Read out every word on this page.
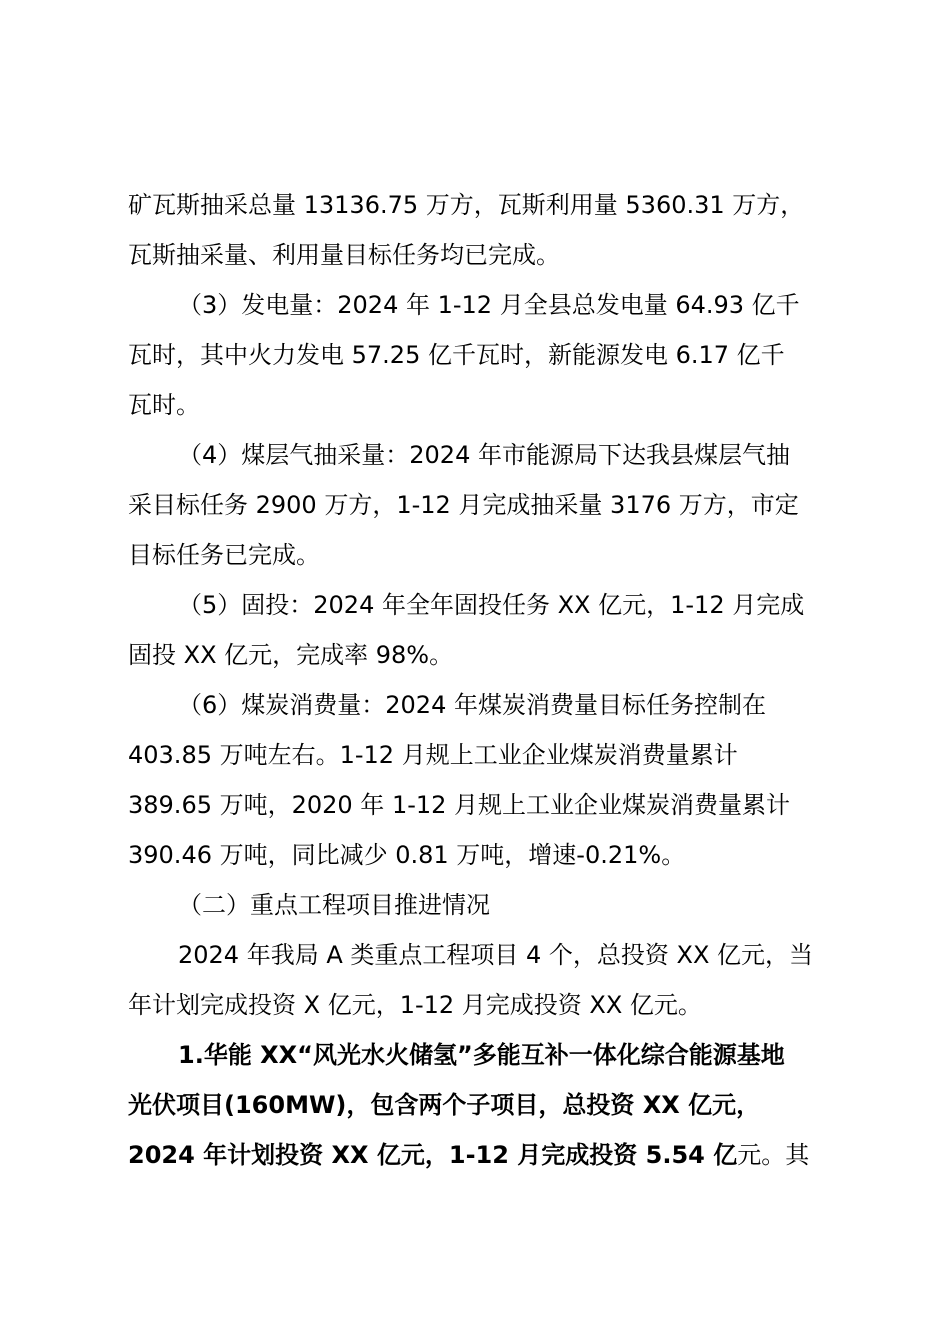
矿瓦斯抽采总量 13136.75 万方，瓦斯利用量 5360.31 万方，
瓦斯抽采量、利用量目标任务均已完成。
（3）发电量：2024 年 1-12 月全县总发电量 64.93 亿千
瓦时，其中火力发电 57.25 亿千瓦时，新能源发电 6.17 亿千
瓦时。
（4）煤层气抽采量：2024 年市能源局下达我县煤层气抽
采目标任务 2900 万方，1-12 月完成抽采量 3176 万方，市定
目标任务已完成。
（5）固投：2024 年全年固投任务 XX 亿元，1-12 月完成
固投 XX 亿元，完成率 98%。
（6）煤炭消费量：2024 年煤炭消费量目标任务控制在
403.85 万吨左右。1-12 月规上工业企业煤炭消费量累计
389.65 万吨，2020 年 1-12 月规上工业企业煤炭消费量累计
390.46 万吨，同比减少 0.81 万吨，增速-0.21%。
（二）重点工程项目推进情况
2024 年我局 A 类重点工程项目 4 个，总投资 XX 亿元，当
年计划完成投资 X 亿元，1-12 月完成投资 XX 亿元。
1.华能 XX“风光水火储氢”多能互补一体化综合能源基地
光伏项目(160MW)，包含两个子项目，总投资 XX 亿元，
2024 年计划投资 XX 亿元，1-12 月完成投资 5.54 亿元。其
